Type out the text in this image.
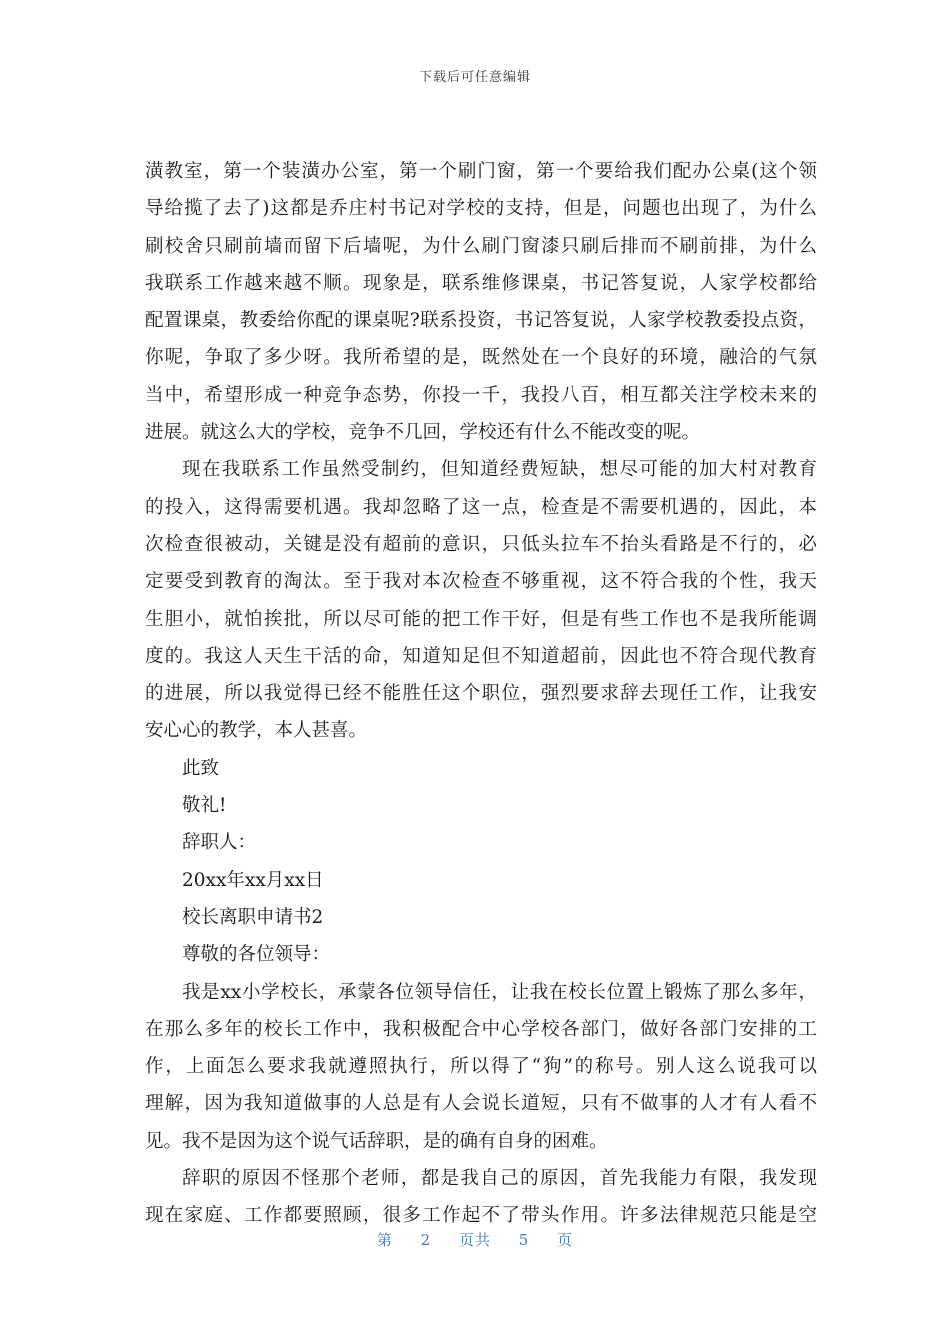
下载后可任意编辑
潢教室，第一个装潢办公室，第一个刷门窗，第一个要给我们配办公桌(这个领
导给揽了去了)这都是乔庄村书记对学校的支持，但是，问题也出现了，为什么
刷校舍只刷前墙而留下后墙呢，为什么刷门窗漆只刷后排而不刷前排，为什么
我联系工作越来越不顺。现象是，联系维修课桌，书记答复说，人家学校都给
配置课桌，教委给你配的课桌呢?联系投资，书记答复说，人家学校教委投点资，
你呢，争取了多少呀。我所希望的是，既然处在一个良好的环境，融洽的气氛
当中，希望形成一种竞争态势，你投一千，我投八百，相互都关注学校未来的
进展。就这么大的学校，竞争不几回，学校还有什么不能改变的呢。
现在我联系工作虽然受制约，但知道经费短缺，想尽可能的加大村对教育
的投入，这得需要机遇。我却忽略了这一点，检查是不需要机遇的，因此，本
次检查很被动，关键是没有超前的意识，只低头拉车不抬头看路是不行的，必
定要受到教育的淘汰。至于我对本次检查不够重视，这不符合我的个性，我天
生胆小，就怕挨批，所以尽可能的把工作干好，但是有些工作也不是我所能调
度的。我这人天生干活的命，知道知足但不知道超前，因此也不符合现代教育
的进展，所以我觉得已经不能胜任这个职位，强烈要求辞去现任工作，让我安
安心心的教学，本人甚喜。
此致
敬礼!
辞职人：
20xx年xx月xx日
校长离职申请书2
尊敬的各位领导：
我是xx小学校长，承蒙各位领导信任，让我在校长位置上锻炼了那么多年，
在那么多年的校长工作中，我积极配合中心学校各部门，做好各部门安排的工
作，上面怎么要求我就遵照执行，所以得了“狗”的称号。别人这么说我可以
理解，因为我知道做事的人总是有人会说长道短，只有不做事的人才有人看不
见。我不是因为这个说气话辞职，是的确有自身的困难。
辞职的原因不怪那个老师，都是我自己的原因，首先我能力有限，我发现
现在家庭、工作都要照顾，很多工作起不了带头作用。许多法律规范只能是空
第 2 页共 5 页
